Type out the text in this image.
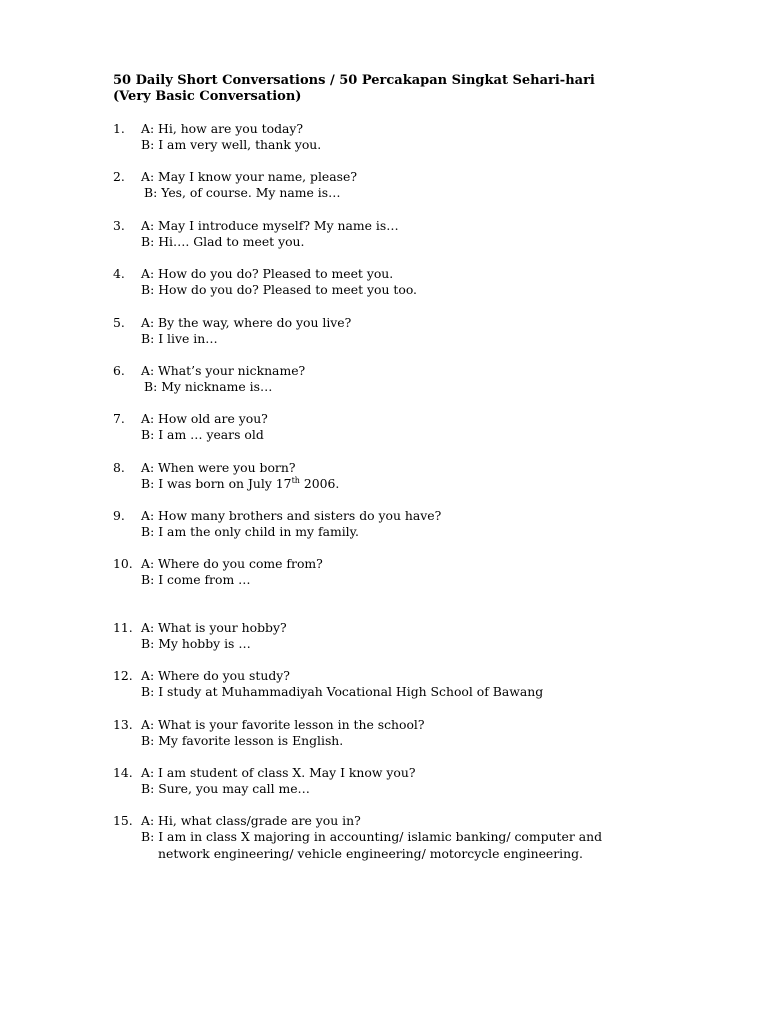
50 Daily Short Conversations / 50 Percakapan Singkat Sehari-hari
(Very Basic Conversation)
1. A: Hi, how are you today?
B: I am very well, thank you.
2. A: May I know your name, please?
B: Yes, of course. My name is…
3. A: May I introduce myself? My name is…
B: Hi…. Glad to meet you.
4. A: How do you do? Pleased to meet you.
B: How do you do? Pleased to meet you too.
5. A: By the way, where do you live?
B: I live in…
6. A: What’s your nickname?
B: My nickname is…
7. A: How old are you?
B: I am … years old
8. A: When were you born?
B: I was born on July 17th 2006.
9. A: How many brothers and sisters do you have?
B: I am the only child in my family.
10. A: Where do you come from?
B: I come from …
11. A: What is your hobby?
B: My hobby is …
12. A: Where do you study?
B: I study at Muhammadiyah Vocational High School of Bawang
13. A: What is your favorite lesson in the school?
B: My favorite lesson is English.
14. A: I am student of class X. May I know you?
B: Sure, you may call me…
15. A: Hi, what class/grade are you in?
B: I am in class X majoring in accounting/ islamic banking/ computer and
network engineering/ vehicle engineering/ motorcycle engineering.
